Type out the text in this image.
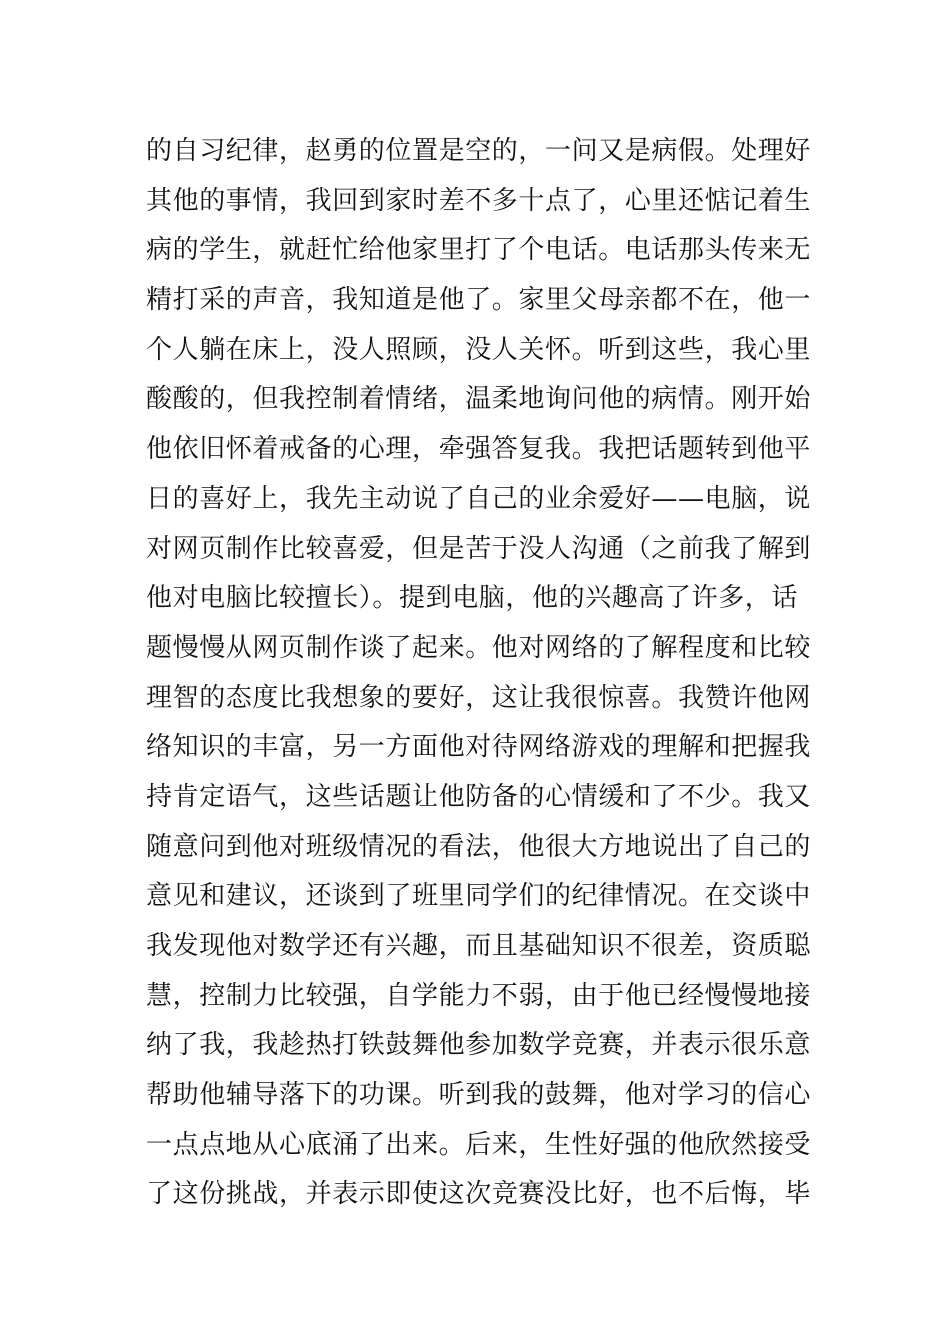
的自习纪律，赵勇的位置是空的，一问又是病假。处理好
其他的事情，我回到家时差不多十点了，心里还惦记着生
病的学生，就赶忙给他家里打了个电话。电话那头传来无
精打采的声音，我知道是他了。家里父母亲都不在，他一
个人躺在床上，没人照顾，没人关怀。听到这些，我心里
酸酸的，但我控制着情绪，温柔地询问他的病情。刚开始
他依旧怀着戒备的心理，牵强答复我。我把话题转到他平
日的喜好上，我先主动说了自己的业余爱好——电脑，说
对网页制作比较喜爱，但是苦于没人沟通（之前我了解到
他对电脑比较擅长）。提到电脑，他的兴趣高了许多，话
题慢慢从网页制作谈了起来。他对网络的了解程度和比较
理智的态度比我想象的要好，这让我很惊喜。我赞许他网
络知识的丰富，另一方面他对待网络游戏的理解和把握我
持肯定语气，这些话题让他防备的心情缓和了不少。我又
随意问到他对班级情况的看法，他很大方地说出了自己的
意见和建议，还谈到了班里同学们的纪律情况。在交谈中
我发现他对数学还有兴趣，而且基础知识不很差，资质聪
慧，控制力比较强，自学能力不弱，由于他已经慢慢地接
纳了我，我趁热打铁鼓舞他参加数学竞赛，并表示很乐意
帮助他辅导落下的功课。听到我的鼓舞，他对学习的信心
一点点地从心底涌了出来。后来，生性好强的他欣然接受
了这份挑战，并表示即使这次竞赛没比好，也不后悔，毕
